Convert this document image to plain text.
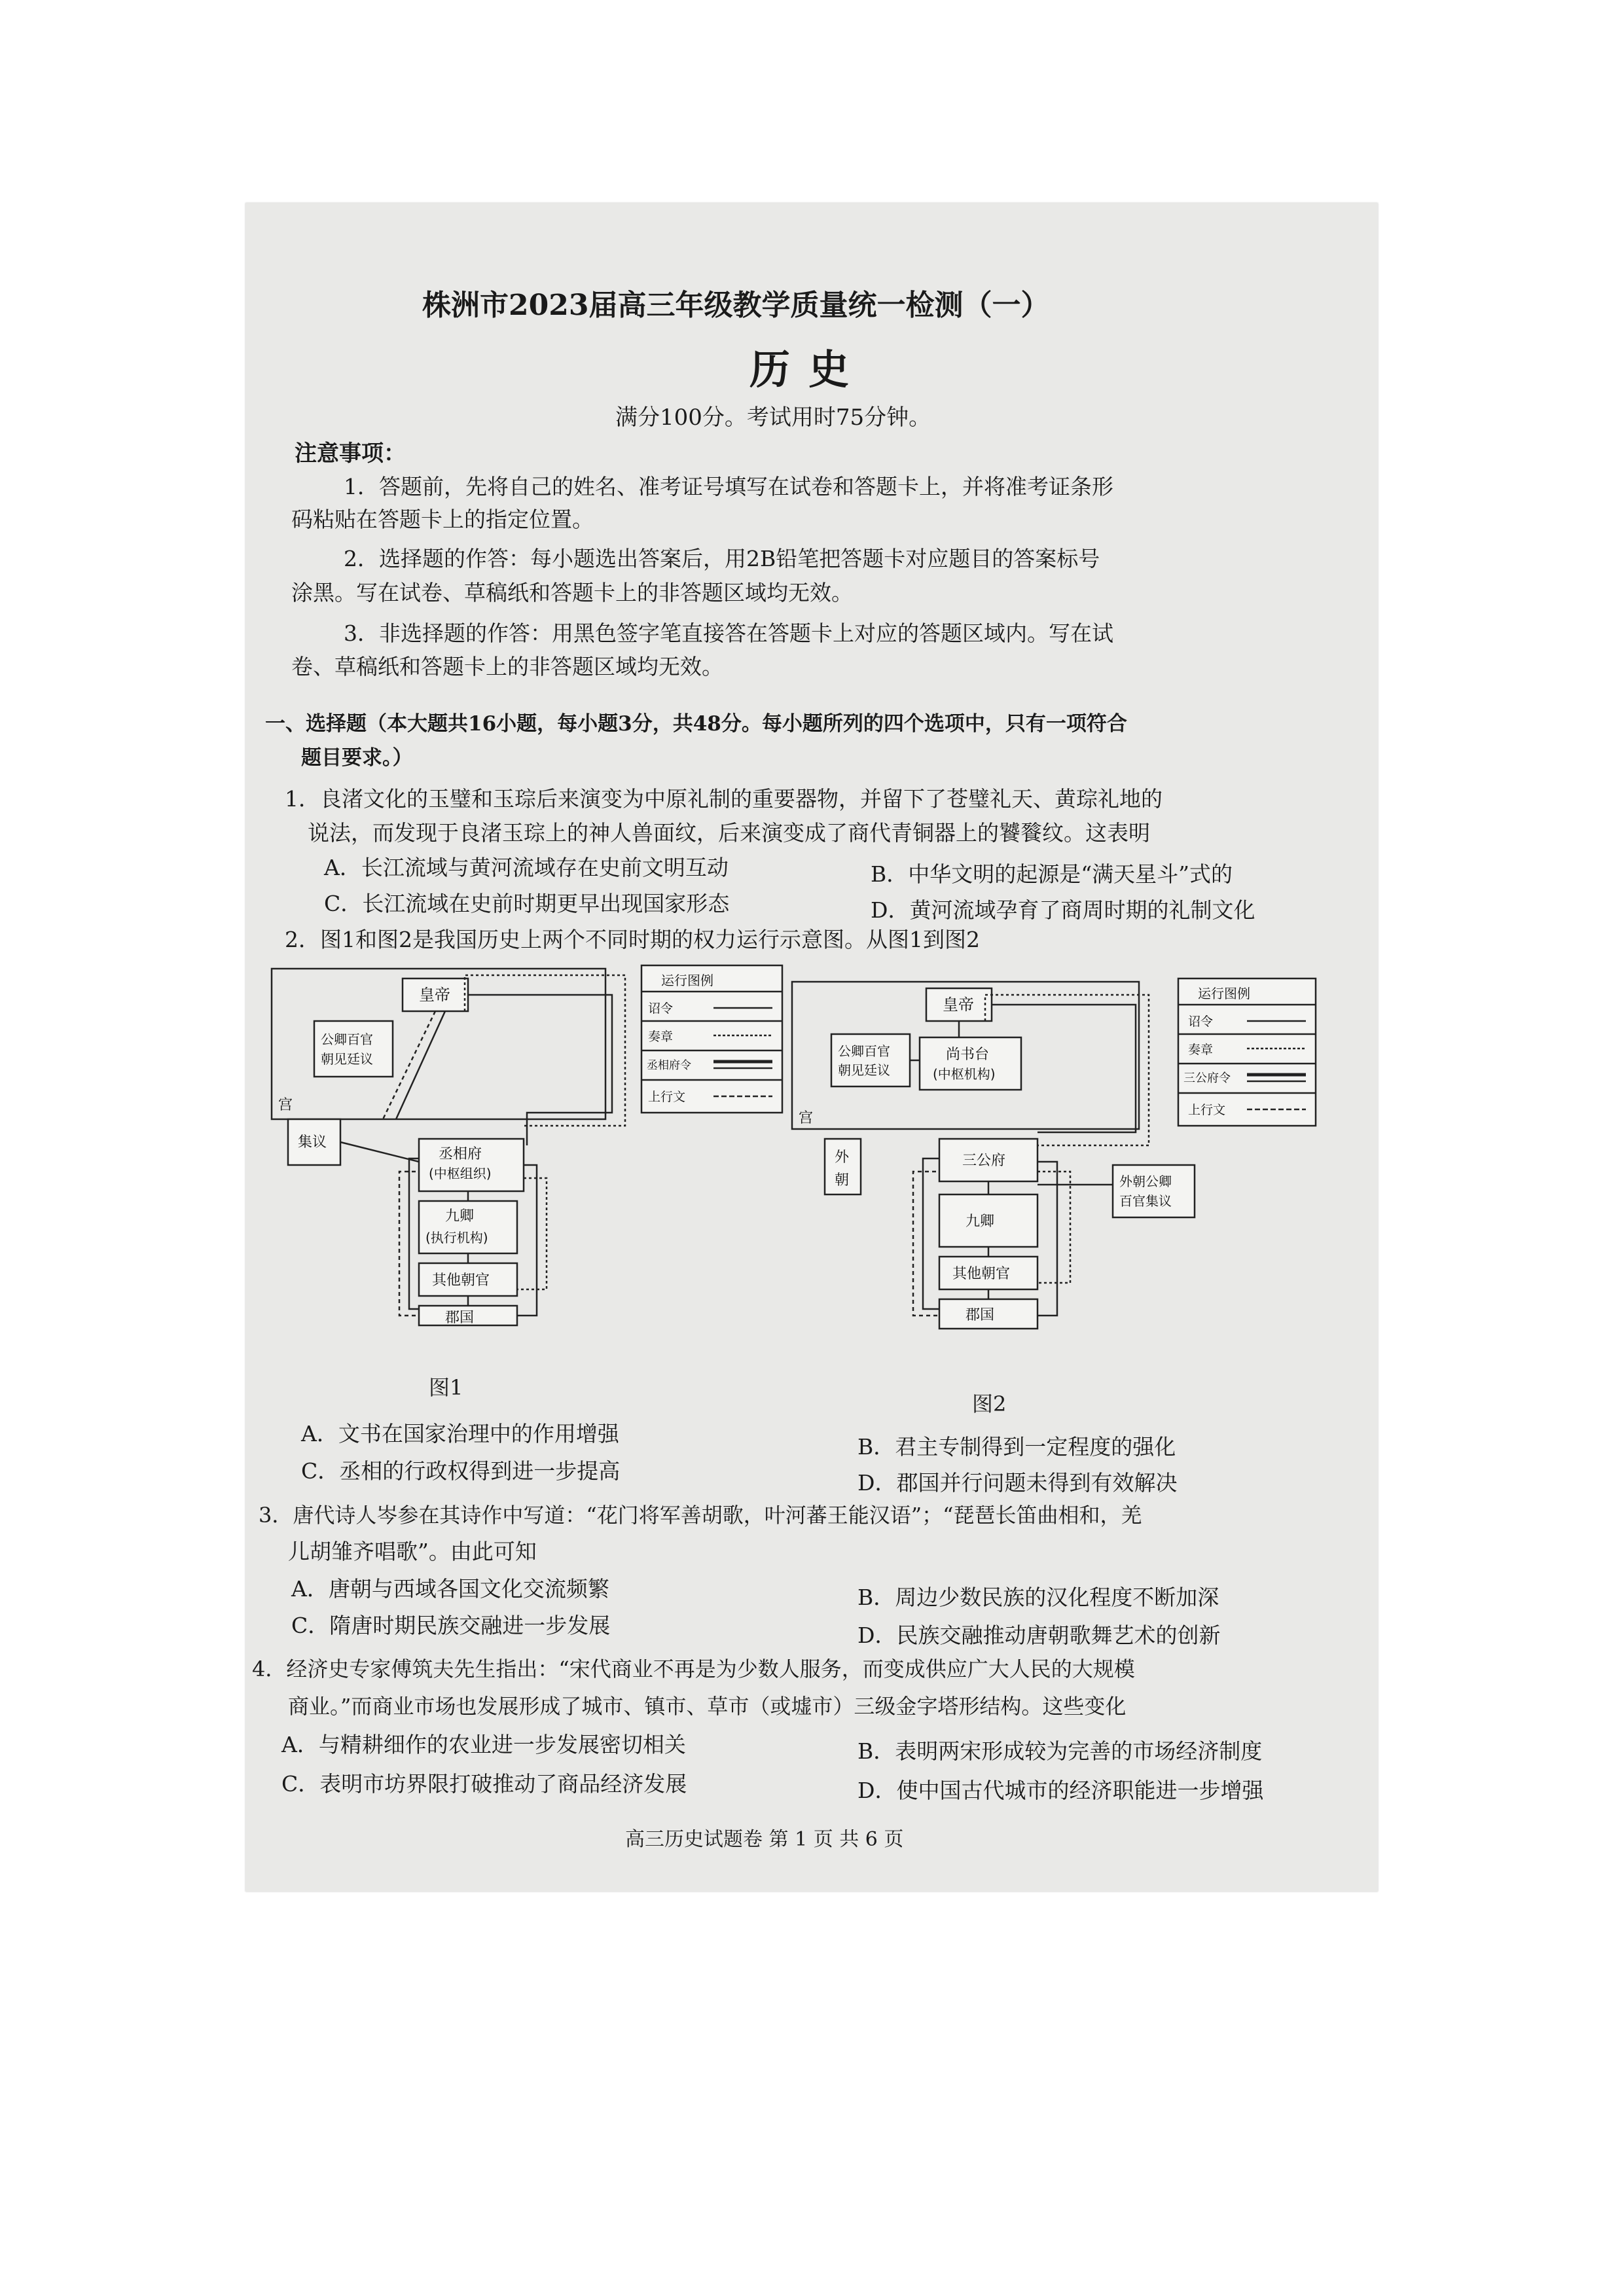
株洲市2023届高三年级教学质量统一检测（一）
历史
满分100分。考试用时75分钟。
注意事项：
1．答题前，先将自己的姓名、准考证号填写在试卷和答题卡上，并将准考证条形
码粘贴在答题卡上的指定位置。
2．选择题的作答：每小题选出答案后，用2B铅笔把答题卡对应题目的答案标号
涂黑。写在试卷、草稿纸和答题卡上的非答题区域均无效。
3．非选择题的作答：用黑色签字笔直接答在答题卡上对应的答题区域内。写在试
卷、草稿纸和答题卡上的非答题区域均无效。
一、选择题（本大题共16小题，每小题3分，共48分。每小题所列的四个选项中，只有一项符合
题目要求。）
1．良渚文化的玉璧和玉琮后来演变为中原礼制的重要器物，并留下了苍璧礼天、黄琮礼地的
说法，而发现于良渚玉琮上的神人兽面纹，后来演变成了商代青铜器上的饕餮纹。这表明
A．长江流域与黄河流域存在史前文明互动	B．中华文明的起源是“满天星斗”式的
C．长江流域在史前时期更早出现国家形态	D．黄河流域孕育了商周时期的礼制文化
2．图1和图2是我国历史上两个不同时期的权力运行示意图。从图1到图2
皇帝
公卿百官
朝见廷议
宫
集议
丞相府
(中枢组织)
九卿
(执行机构)
其他朝官
郡国
运行图例
诏令
奏章
丞相府令
上行文
图1
皇帝
公卿百官
朝见廷议
尚书台
(中枢机构)
宫
外
朝
三公府
九卿
其他朝官
郡国
外朝公卿
百官集议
运行图例
诏令
奏章
三公府令
上行文
图2
A．文书在国家治理中的作用增强
B．君主专制得到一定程度的强化
C．丞相的行政权得到进一步提高	D．郡国并行问题未得到有效解决
3．唐代诗人岑参在其诗作中写道：“花门将军善胡歌，叶河蕃王能汉语”；“琵琶长笛曲相和，羌
儿胡雏齐唱歌”。由此可知
A．唐朝与西域各国文化交流频繁	B．周边少数民族的汉化程度不断加深
C．隋唐时期民族交融进一步发展	D．民族交融推动唐朝歌舞艺术的创新
4．经济史专家傅筑夫先生指出：“宋代商业不再是为少数人服务，而变成供应广大人民的大规模
商业。”而商业市场也发展形成了城市、镇市、草市（或墟市）三级金字塔形结构。这些变化
A．与精耕细作的农业进一步发展密切相关	B．表明两宋形成较为完善的市场经济制度
C．表明市坊界限打破推动了商品经济发展	D．使中国古代城市的经济职能进一步增强
高三历史试题卷 第 1 页 共 6 页
